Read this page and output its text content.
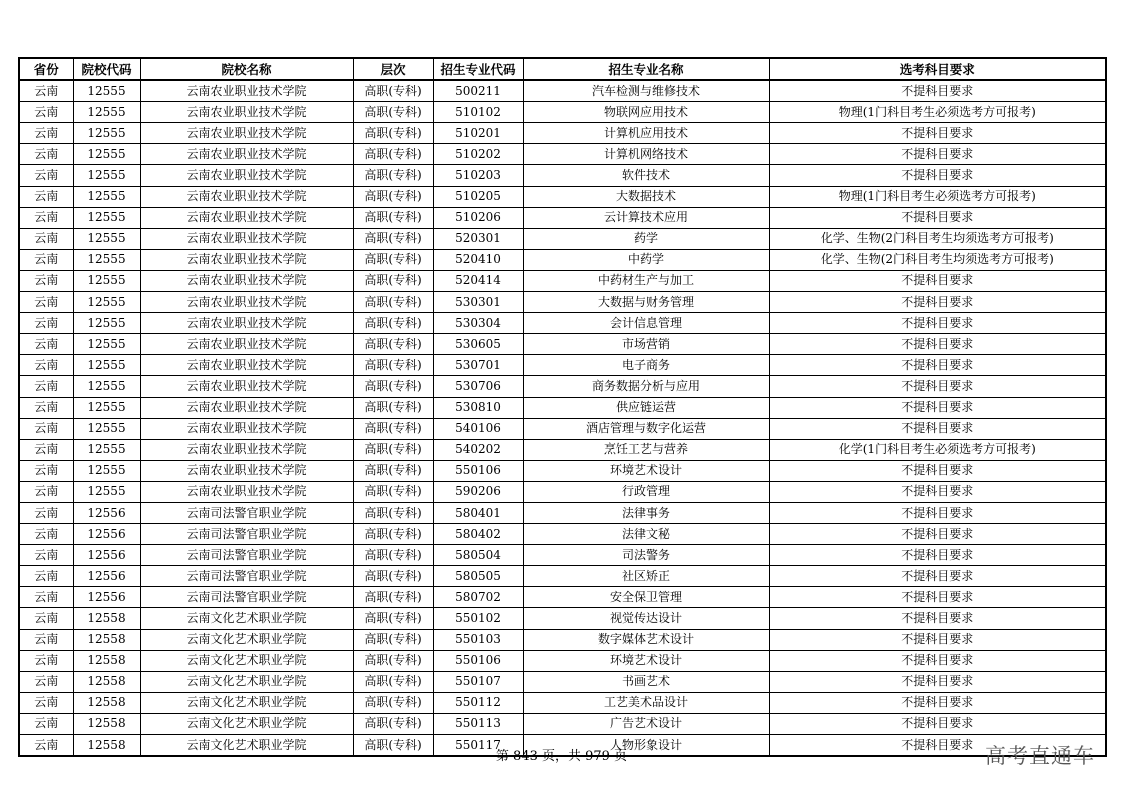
省份	院校代码	院校名称	层次	招生专业代码	招生专业名称	选考科目要求
云南	12555	云南农业职业技术学院	高职(专科)	500211	汽车检测与维修技术	不提科目要求
云南	12555	云南农业职业技术学院	高职(专科)	510102	物联网应用技术	物理(1门科目考生必须选考方可报考)
云南	12555	云南农业职业技术学院	高职(专科)	510201	计算机应用技术	不提科目要求
云南	12555	云南农业职业技术学院	高职(专科)	510202	计算机网络技术	不提科目要求
云南	12555	云南农业职业技术学院	高职(专科)	510203	软件技术	不提科目要求
云南	12555	云南农业职业技术学院	高职(专科)	510205	大数据技术	物理(1门科目考生必须选考方可报考)
云南	12555	云南农业职业技术学院	高职(专科)	510206	云计算技术应用	不提科目要求
云南	12555	云南农业职业技术学院	高职(专科)	520301	药学	化学、生物(2门科目考生均须选考方可报考)
云南	12555	云南农业职业技术学院	高职(专科)	520410	中药学	化学、生物(2门科目考生均须选考方可报考)
云南	12555	云南农业职业技术学院	高职(专科)	520414	中药材生产与加工	不提科目要求
云南	12555	云南农业职业技术学院	高职(专科)	530301	大数据与财务管理	不提科目要求
云南	12555	云南农业职业技术学院	高职(专科)	530304	会计信息管理	不提科目要求
云南	12555	云南农业职业技术学院	高职(专科)	530605	市场营销	不提科目要求
云南	12555	云南农业职业技术学院	高职(专科)	530701	电子商务	不提科目要求
云南	12555	云南农业职业技术学院	高职(专科)	530706	商务数据分析与应用	不提科目要求
云南	12555	云南农业职业技术学院	高职(专科)	530810	供应链运营	不提科目要求
云南	12555	云南农业职业技术学院	高职(专科)	540106	酒店管理与数字化运营	不提科目要求
云南	12555	云南农业职业技术学院	高职(专科)	540202	烹饪工艺与营养	化学(1门科目考生必须选考方可报考)
云南	12555	云南农业职业技术学院	高职(专科)	550106	环境艺术设计	不提科目要求
云南	12555	云南农业职业技术学院	高职(专科)	590206	行政管理	不提科目要求
云南	12556	云南司法警官职业学院	高职(专科)	580401	法律事务	不提科目要求
云南	12556	云南司法警官职业学院	高职(专科)	580402	法律文秘	不提科目要求
云南	12556	云南司法警官职业学院	高职(专科)	580504	司法警务	不提科目要求
云南	12556	云南司法警官职业学院	高职(专科)	580505	社区矫正	不提科目要求
云南	12556	云南司法警官职业学院	高职(专科)	580702	安全保卫管理	不提科目要求
云南	12558	云南文化艺术职业学院	高职(专科)	550102	视觉传达设计	不提科目要求
云南	12558	云南文化艺术职业学院	高职(专科)	550103	数字媒体艺术设计	不提科目要求
云南	12558	云南文化艺术职业学院	高职(专科)	550106	环境艺术设计	不提科目要求
云南	12558	云南文化艺术职业学院	高职(专科)	550107	书画艺术	不提科目要求
云南	12558	云南文化艺术职业学院	高职(专科)	550112	工艺美术品设计	不提科目要求
云南	12558	云南文化艺术职业学院	高职(专科)	550113	广告艺术设计	不提科目要求
云南	12558	云南文化艺术职业学院	高职(专科)	550117	人物形象设计	不提科目要求
第 843 页，共 979 页	高考直通车
